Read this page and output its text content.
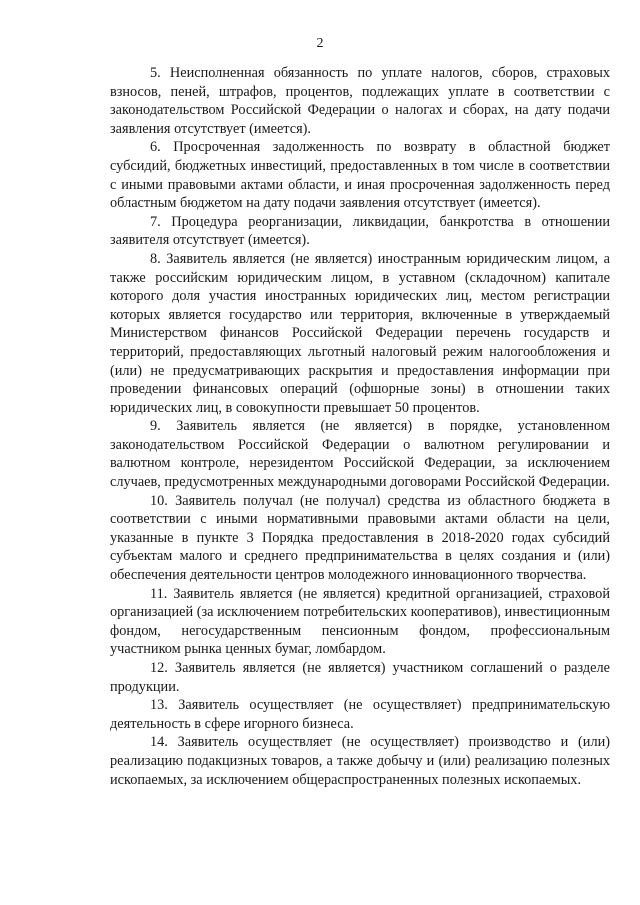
2

5. Неисполненная обязанность по уплате налогов, сборов, страховых взносов, пеней, штрафов, процентов, подлежащих уплате в соответствии с законодательством Российской Федерации о налогах и сборах, на дату подачи заявления отсутствует (имеется).

6. Просроченная задолженность по возврату в областной бюджет субсидий, бюджетных инвестиций, предоставленных в том числе в соответствии с иными правовыми актами области, и иная просроченная задолженность перед областным бюджетом на дату подачи заявления отсутствует (имеется).

7. Процедура реорганизации, ликвидации, банкротства в отношении заявителя отсутствует (имеется).

8. Заявитель является (не является) иностранным юридическим лицом, а также российским юридическим лицом, в уставном (складочном) капитале которого доля участия иностранных юридических лиц, местом регистрации которых является государство или территория, включенные в утверждаемый Министерством финансов Российской Федерации перечень государств и территорий, предоставляющих льготный налоговый режим налогообложения и (или) не предусматривающих раскрытия и предоставления информации при проведении финансовых операций (офшорные зоны) в отношении таких юридических лиц, в совокупности превышает 50 процентов.

9. Заявитель является (не является) в порядке, установленном законодательством Российской Федерации о валютном регулировании и валютном контроле, нерезидентом Российской Федерации, за исключением случаев, предусмотренных международными договорами Российской Федерации.

10. Заявитель получал (не получал) средства из областного бюджета в соответствии с иными нормативными правовыми актами области на цели, указанные в пункте 3 Порядка предоставления в 2018-2020 годах субсидий субъектам малого и среднего предпринимательства в целях создания и (или) обеспечения деятельности центров молодежного инновационного творчества.

11. Заявитель является (не является) кредитной организацией, страховой организацией (за исключением потребительских кооперативов), инвестиционным фондом, негосударственным пенсионным фондом, профессиональным участником рынка ценных бумаг, ломбардом.

12. Заявитель является (не является) участником соглашений о разделе продукции.

13. Заявитель осуществляет (не осуществляет) предпринимательскую деятельность в сфере игорного бизнеса.

14. Заявитель осуществляет (не осуществляет) производство и (или) реализацию подакцизных товаров, а также добычу и (или) реализацию полезных ископаемых, за исключением общераспространенных полезных ископаемых.
